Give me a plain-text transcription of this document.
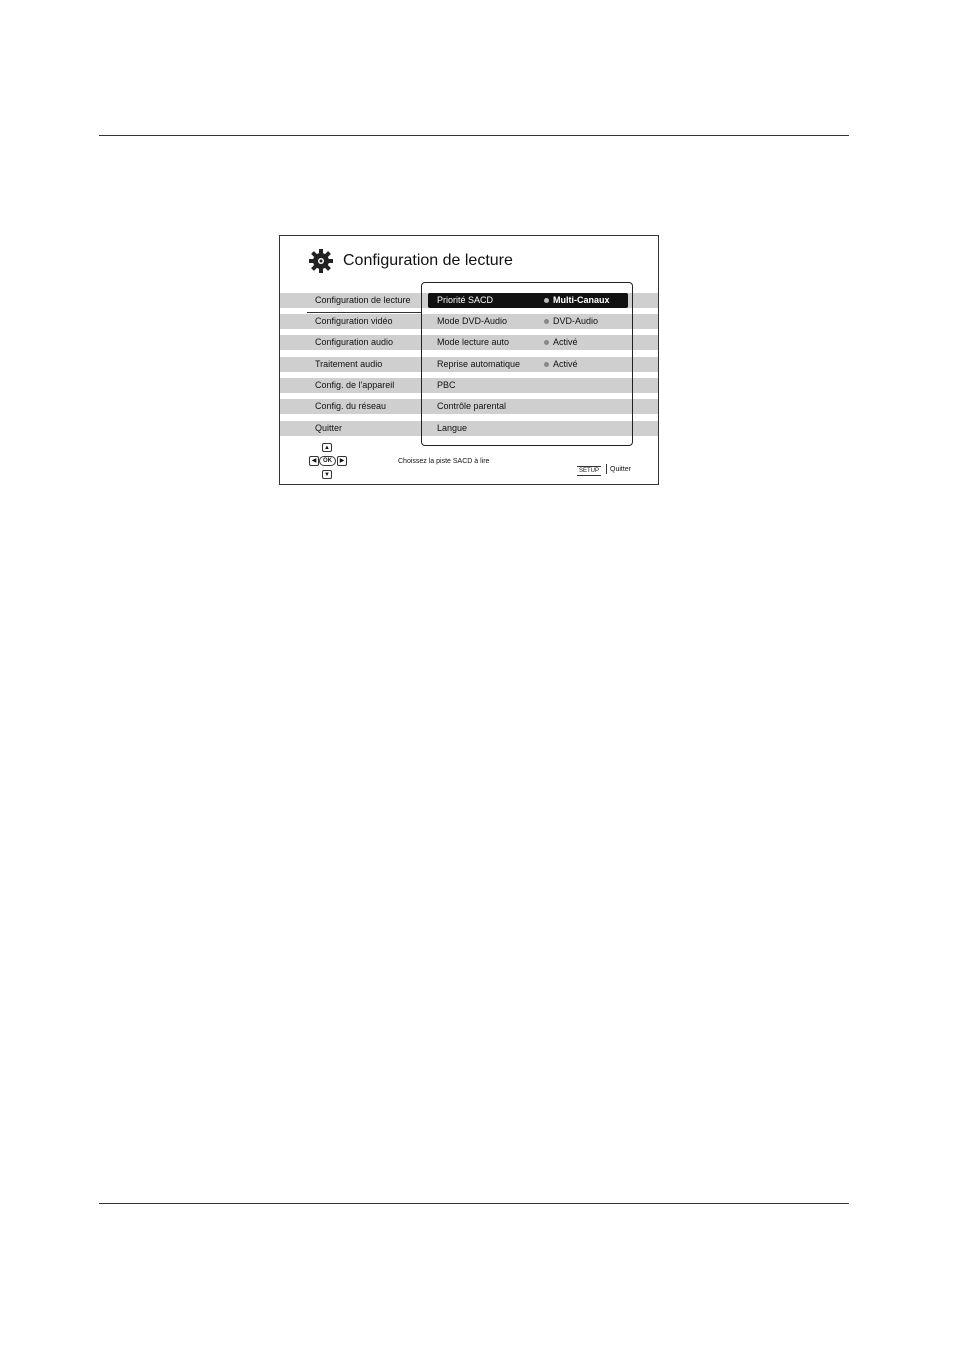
Configuration de lecture
Configuration de lecture
Configuration vidéo
Configuration audio
Traitement audio
Config. de l'appareil
Config. du réseau
Quitter
Priorité SACD	Multi-Canaux
Mode DVD-Audio	DVD-Audio
Mode lecture auto	Activé
Reprise automatique	Activé
PBC
Contrôle parental
Langue
▲
◀	OK	▶
▼
Choissez la piste SACD à lire
SETUP Quitter
